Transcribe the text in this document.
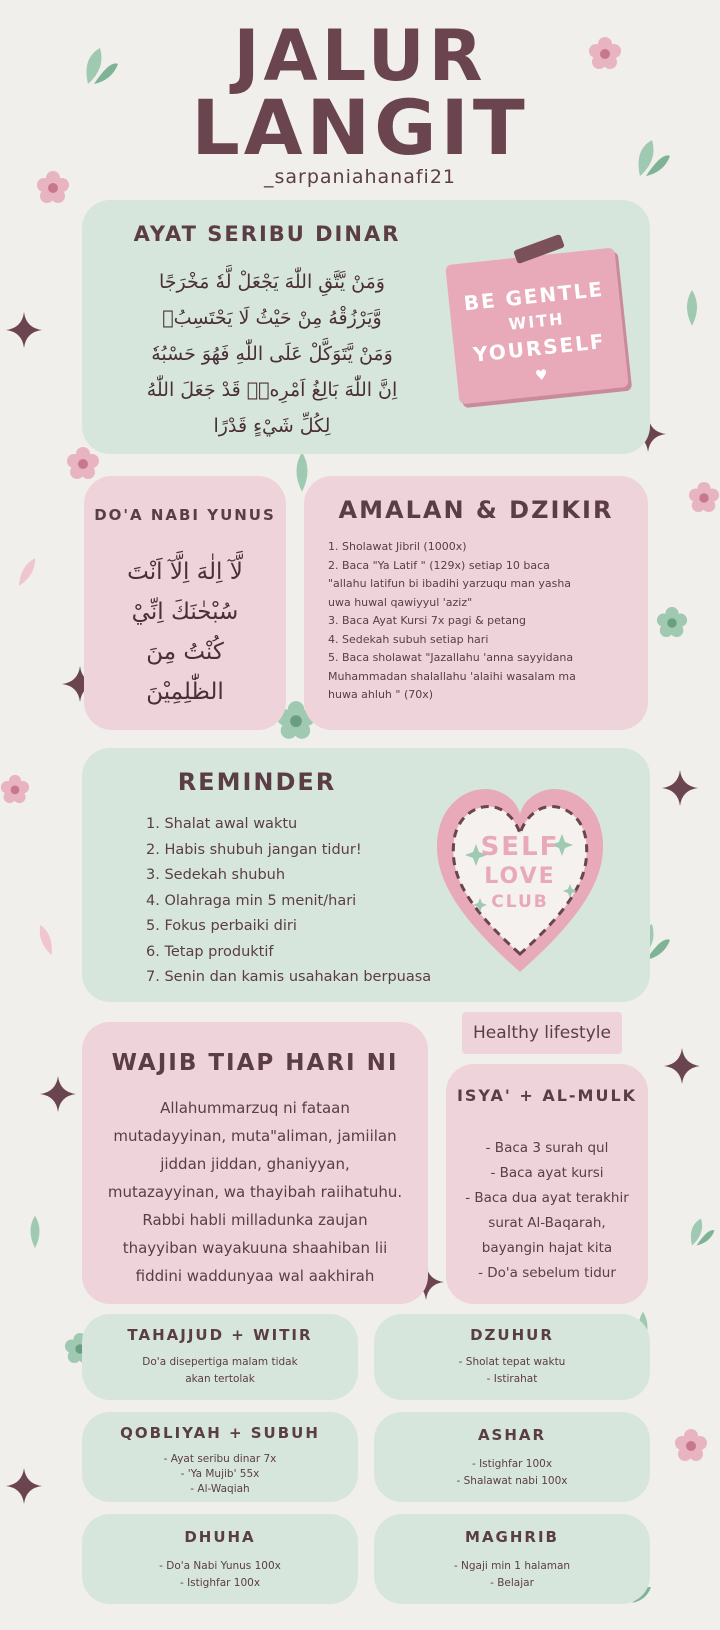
JALUR
LANGIT
_sarpaniahanafi21
AYAT SERIBU DINAR
وَمَنْ يَّتَّقِ اللّٰهَ يَجْعَلْ لَّهٗ مَخْرَجًا
وَّيَرْزُقْهُ مِنْ حَيْثُ لَا يَحْتَسِبُۗ
وَمَنْ يَّتَوَكَّلْ عَلَى اللّٰهِ فَهُوَ حَسْبُهٗ
اِنَّ اللّٰهَ بَالِغُ اَمْرِهٖۗ قَدْ جَعَلَ اللّٰهُ
لِكُلِّ شَيْءٍ قَدْرًا
BE GENTLE
WITH
YOURSELF
♥
DO'A NABI YUNUS
لَّآ اِلٰهَ اِلَّآ اَنْتَ
سُبْحٰنَكَ اِنِّيْ
كُنْتُ مِنَ
الظّٰلِمِيْنَ
AMALAN & DZIKIR
1. Sholawat Jibril (1000x)
2. Baca "Ya Latif " (129x) setiap 10 baca
"allahu latifun bi ibadihi yarzuqu man yasha
uwa huwal qawiyyul 'aziz"
3. Baca Ayat Kursi 7x pagi & petang
4. Sedekah subuh setiap hari
5. Baca sholawat "Jazallahu 'anna sayyidana
Muhammadan shalallahu 'alaihi wasalam ma
huwa ahluh " (70x)
REMINDER
1. Shalat awal waktu
2. Habis shubuh jangan tidur!
3. Sedekah shubuh
4. Olahraga min 5 menit/hari
5. Fokus perbaiki diri
6. Tetap produktif
7. Senin dan kamis usahakan berpuasa
SELF
LOVE
CLUB
WAJIB TIAP HARI NI
Allahummarzuq ni fataan
mutadayyinan, muta"aliman, jamiilan
jiddan jiddan, ghaniyyan,
mutazayyinan, wa thayibah raiihatuhu.
Rabbi habli milladunka zaujan
thayyiban wayakuuna shaahiban lii
fiddini waddunyaa wal aakhirah
Healthy lifestyle
ISYA' + AL-MULK
- Baca 3 surah qul
- Baca ayat kursi
- Baca dua ayat terakhir
surat Al-Baqarah,
bayangin hajat kita
- Do'a sebelum tidur
TAHAJJUD + WITIR
Do'a disepertiga malam tidak
akan tertolak
DZUHUR
- Sholat tepat waktu
- Istirahat
QOBLIYAH + SUBUH
- Ayat seribu dinar 7x
- 'Ya Mujib' 55x
- Al-Waqiah
ASHAR
- Istighfar 100x
- Shalawat nabi 100x
DHUHA
- Do'a Nabi Yunus 100x
- Istighfar 100x
MAGHRIB
- Ngaji min 1 halaman
- Belajar
